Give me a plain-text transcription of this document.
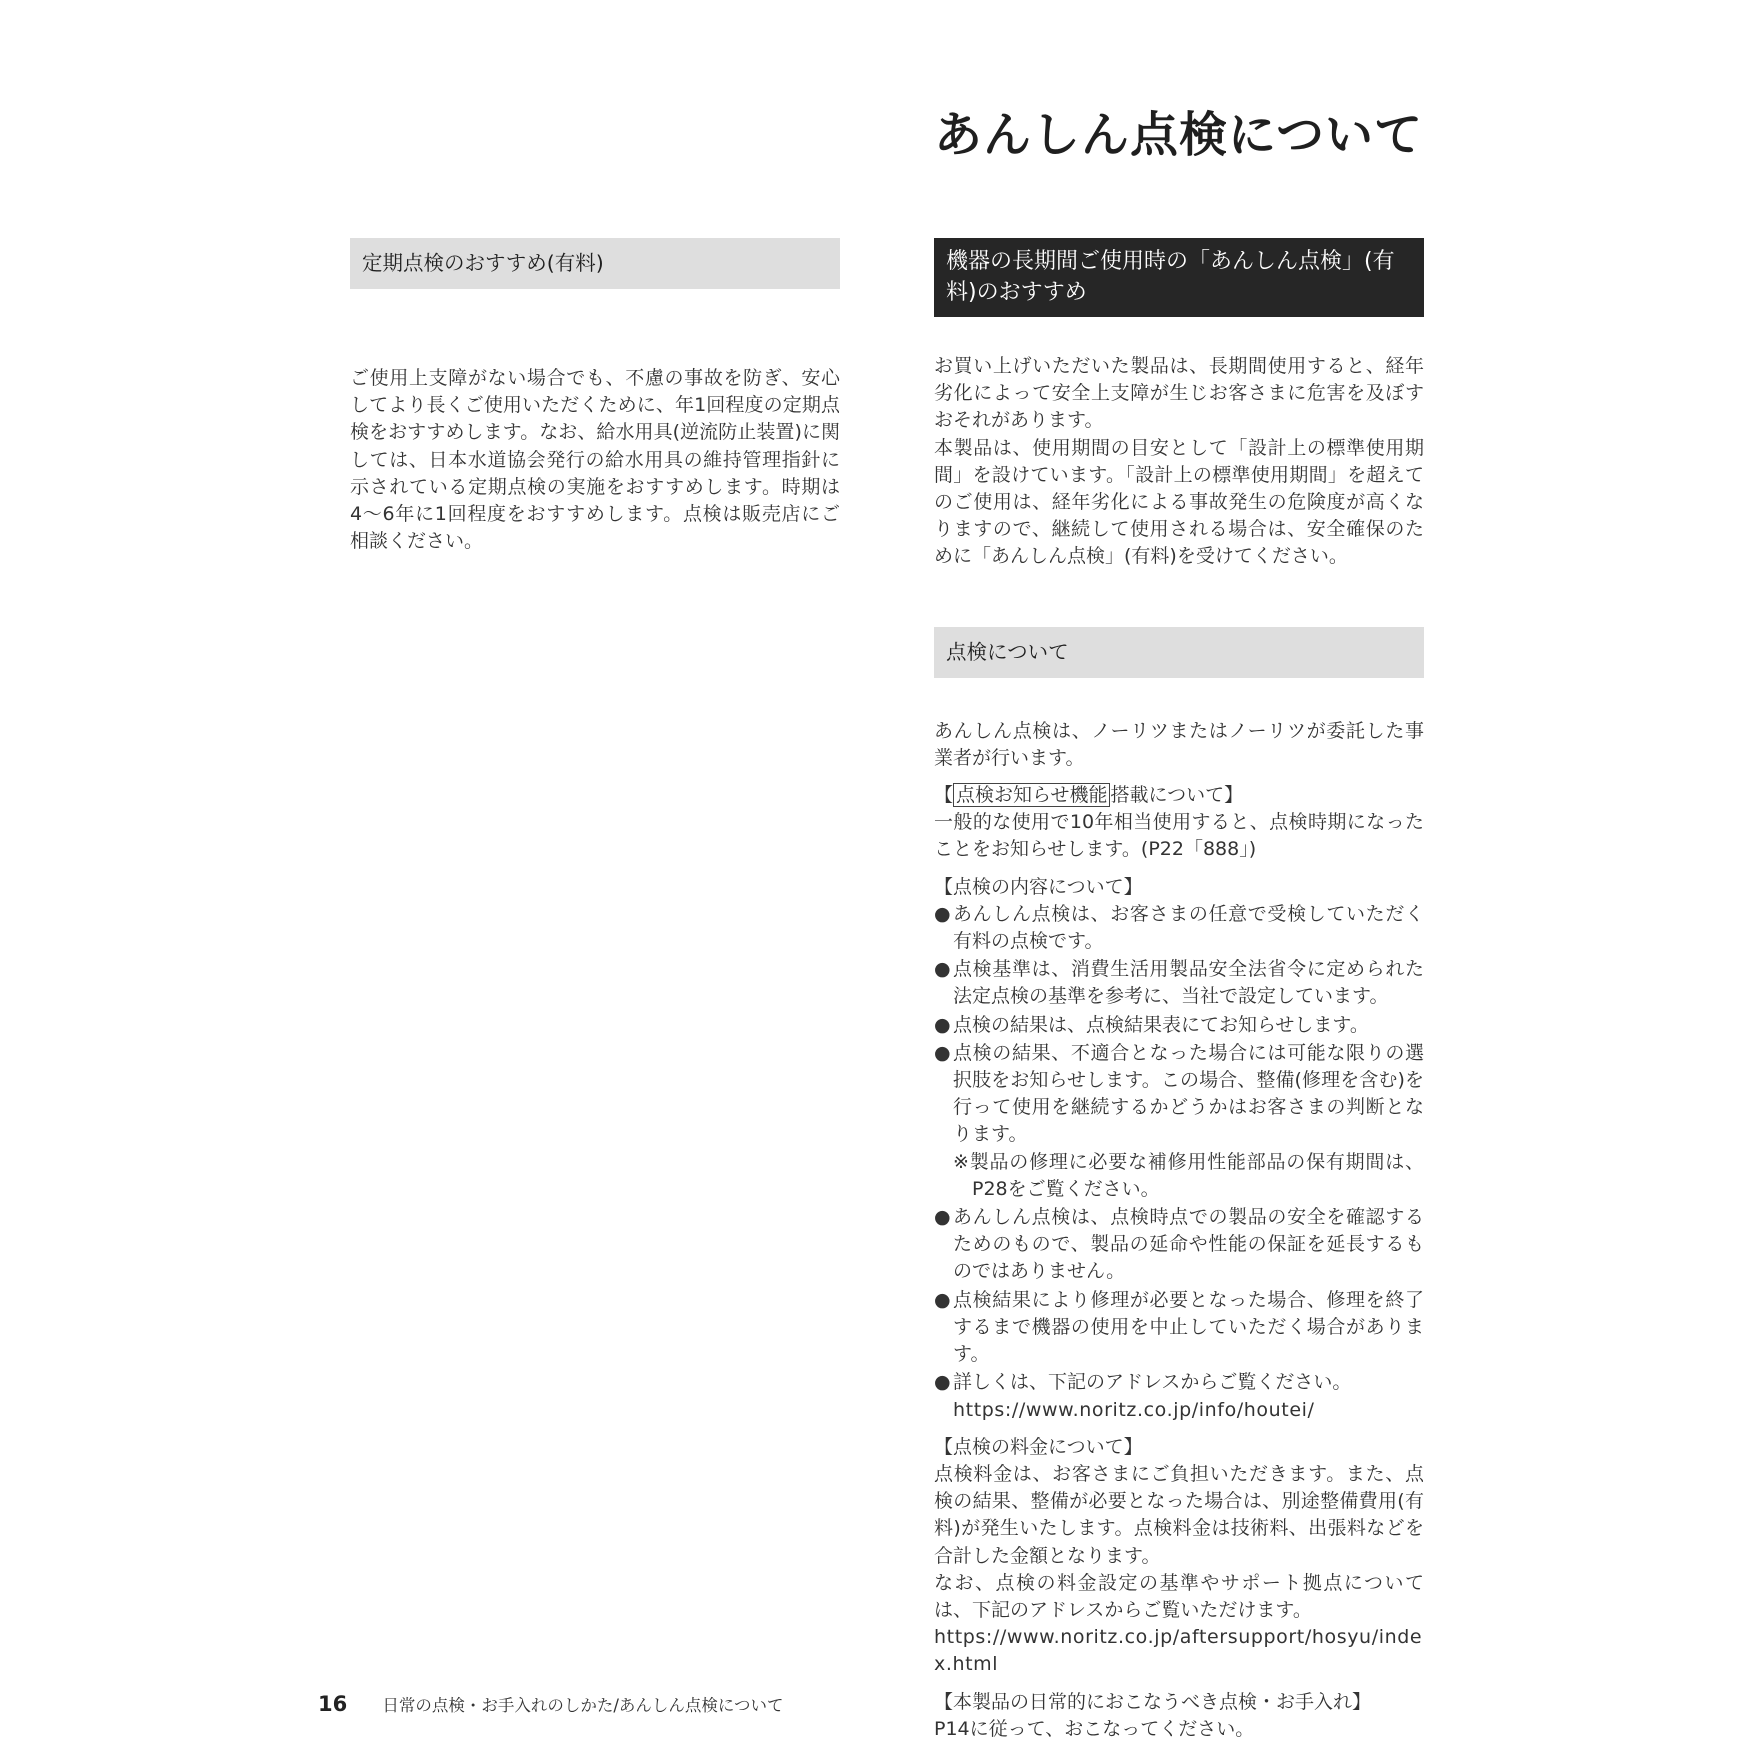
あんしん点検について
定期点検のおすすめ(有料)

ご使用上支障がない場合でも、不慮の事故を防ぎ、安心してより長くご使用いただくために、年1回程度の定期点検をおすすめします。なお、給水用具(逆流防止装置)に関しては、日本水道協会発行の給水用具の維持管理指針に示されている定期点検の実施をおすすめします。時期は4〜6年に1回程度をおすすめします。点検は販売店にご相談ください。

機器の長期間ご使用時の「あんしん点検」(有料)のおすすめ

お買い上げいただいた製品は、長期間使用すると、経年劣化によって安全上支障が生じお客さまに危害を及ぼすおそれがあります。

本製品は、使用期間の目安として「設計上の標準使用期間」を設けています。「設計上の標準使用期間」を超えてのご使用は、経年劣化による事故発生の危険度が高くなりますので、継続して使用される場合は、安全確保のために「あんしん点検」(有料)を受けてください。

点検について

あんしん点検は、ノーリツまたはノーリツが委託した事業者が行います。

【 点検お知らせ機能 搭載について】

一般的な使用で10年相当使用すると、点検時期になったことをお知らせします。(P22「888」)

【点検の内容について】

● あんしん点検は、お客さまの任意で受検していただく有料の点検です。
● 点検基準は、消費生活用製品安全法省令に定められた法定点検の基準を参考に、当社で設定しています。
● 点検の結果は、点検結果表にてお知らせします。
● 点検の結果、不適合となった場合には可能な限りの選択肢をお知らせします。この場合、整備(修理を含む)を行って使用を継続するかどうかはお客さまの判断となります。
※製品の修理に必要な補修用性能部品の保有期間は、P28をご覧ください。
● あんしん点検は、点検時点での製品の安全を確認するためのもので、製品の延命や性能の保証を延長するものではありません。
● 点検結果により修理が必要となった場合、修理を終了するまで機器の使用を中止していただく場合があります。
● 詳しくは、下記のアドレスからご覧ください。
https://www.noritz.co.jp/info/houtei/

【点検の料金について】

点検料金は、お客さまにご負担いただきます。また、点検の結果、整備が必要となった場合は、別途整備費用(有料)が発生いたします。点検料金は技術料、出張料などを合計した金額となります。

なお、点検の料金設定の基準やサポート拠点については、下記のアドレスからご覧いただけます。

https://www.noritz.co.jp/aftersupport/hosyu/index.html

【本製品の日常的におこなうべき点検・お手入れ】

P14に従って、おこなってください。

16 日常の点検・お手入れのしかた/あんしん点検について
